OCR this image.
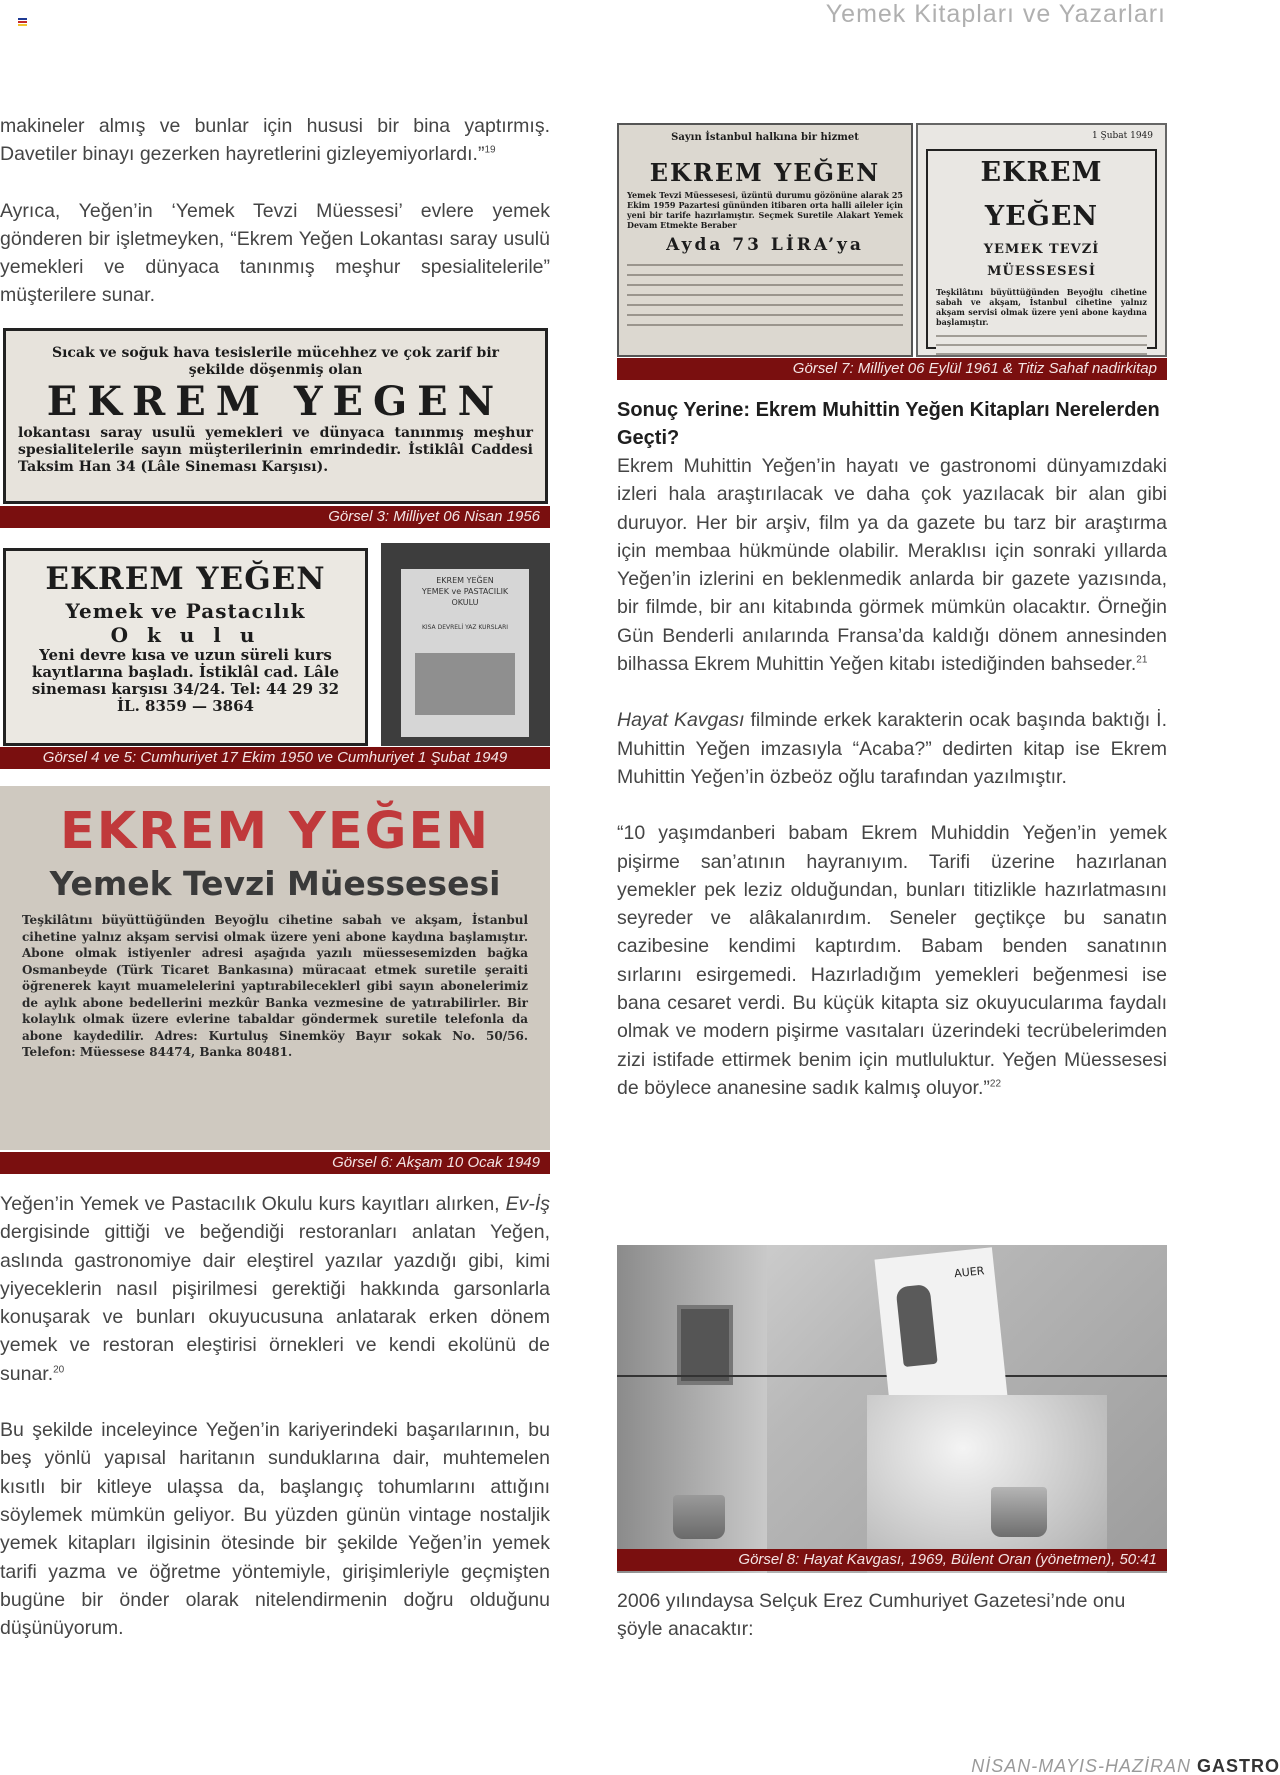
Yemek Kitapları ve Yazarları

makineler almış ve bunlar için hususi bir bina yaptırmış. Davetiler binayı gezerken hayretlerini gizleyemiyorlardı.”$^{19}$

Ayrıca, Yeğen’in ‘Yemek Tevzi Müessesi’ evlere yemek gönderen bir işletmeyken, “Ekrem Yeğen Lokantası saray usulü yemekleri ve dünyaca tanınmış meşhur spesialitelerile” müşterilere sunar.

Sıcak ve soğuk hava tesislerile mücehhez ve çok zarif bir
şekilde döşenmiş olan
EKREM YEGEN
lokantası saray usulü yemekleri ve dünyaca tanınmış meşhur spesialitelerile sayın müşterilerinin emrindedir. İstiklâl Caddesi Taksim Han 34 (Lâle Sineması Karşısı).
Görsel 3: Milliyet 06 Nisan 1956
EKREM YEĞEN
Yemek ve Pastacılık
O k u l u
Yeni devre kısa ve uzun süreli kurs kayıtlarına başladı. İstiklâl cad. Lâle sineması karşısı 34/24. Tel: 44 29 32
İL. 8359 — 3864
EKREM YEĞEN
YEMEK ve PASTACILIK
OKULU
KISA DEVRELİ YAZ KURSLARI
Görsel 4 ve 5: Cumhuriyet 17 Ekim 1950 ve Cumhuriyet 1 Şubat 1949
EKREM YEĞEN
Yemek Tevzi Müessesesi
Teşkilâtını büyüttüğünden Beyoğlu cihetine sabah ve akşam, İstanbul cihetine yalnız akşam servisi olmak üzere yeni abone kaydına başlamıştır. Abone olmak istiyenler adresi aşağıda yazılı müessesemizden bağka Osmanbeyde (Türk Ticaret Bankasına) müracaat etmek suretile şeraiti öğrenerek kayıt muamelelerini yaptırabileceklerl gibi sayın abonelerimiz de aylık abone bedellerini mezkûr Banka vezmesine de yatırabilirler. Bir kolaylık olmak üzere evlerine tabaldar göndermek suretile telefonla da abone kaydedilir. Adres: Kurtuluş Sinemköy Bayır sokak No. 50/56. Telefon: Müessese 84474, Banka 80481.
Görsel 6: Akşam 10 Ocak 1949

Yeğen’in Yemek ve Pastacılık Okulu kurs kayıtları alırken, Ev-İş dergisinde gittiği ve beğendiği restoranları anlatan Yeğen, aslında gastronomiye dair eleştirel yazılar yazdığı gibi, kimi yiyeceklerin nasıl pişirilmesi gerektiği hakkında garsonlarla konuşarak ve bunları okuyucusuna anlatarak erken dönem yemek ve restoran eleştirisi örnekleri ve kendi ekolünü de sunar.$^{20}$

Bu şekilde inceleyince Yeğen’in kariyerindeki başarılarının, bu beş yönlü yapısal haritanın sunduklarına dair, muhtemelen kısıtlı bir kitleye ulaşsa da, başlangıç tohumlarını attığını söylemek mümkün geliyor. Bu yüzden günün vintage nostaljik yemek kitapları ilgisinin ötesinde bir şekilde Yeğen’in yemek tarifi yazma ve öğretme yöntemiyle, girişimleriyle geçmişten bugüne bir önder olarak nitelendirmenin doğru olduğunu düşünüyorum.

Sayın İstanbul halkına bir hizmet
EKREM YEĞEN
Yemek Tevzi Müessesesi, üzüntü durumu gözönüne alarak 25 Ekim 1959 Pazartesi gününden itibaren orta halli aileler için yeni bir tarife hazırlamıştır. Seçmek Suretile Alakart Yemek Devam Etmekte Beraber
Ayda 73 LİRA’ya
1 Şubat 1949
EKREM YEĞEN
YEMEK TEVZİ MÜESSESESİ
Teşkilâtını büyüttüğünden Beyoğlu cihetine sabah ve akşam, İstanbul cihetine yalnız akşam servisi olmak üzere yeni abone kaydına başlamıştır.
Görsel 7: Milliyet 06 Eylül 1961 & Titiz Sahaf nadirkitap
Sonuç Yerine: Ekrem Muhittin Yeğen Kitapları Nerelerden Geçti?

Ekrem Muhittin Yeğen’in hayatı ve gastronomi dünyamızdaki izleri hala araştırılacak ve daha çok yazılacak bir alan gibi duruyor. Her bir arşiv, film ya da gazete bu tarz bir araştırma için membaa hükmünde olabilir. Meraklısı için sonraki yıllarda Yeğen’in izlerini en beklenmedik anlarda bir gazete yazısında, bir filmde, bir anı kitabında görmek mümkün olacaktır. Örneğin Gün Benderli anılarında Fransa’da kaldığı dönem annesinden bilhassa Ekrem Muhittin Yeğen kitabı istediğinden bahseder.$^{21}$

Hayat Kavgası filminde erkek karakterin ocak başında baktığı İ. Muhittin Yeğen imzasıyla “Acaba?” dedirten kitap ise Ekrem Muhittin Yeğen’in özbeöz oğlu tarafından yazılmıştır.

“10 yaşımdanberi babam Ekrem Muhiddin Yeğen’in yemek pişirme san’atının hayranıyım. Tarifi üzerine hazırlanan yemekler pek leziz olduğundan, bunları titizlikle hazırlatmasını seyreder ve alâkalanırdım. Seneler geçtikçe bu sanatın cazibesine kendimi kaptırdım. Babam benden sanatının sırlarını esirgemedi. Hazırladığım yemekleri beğenmesi ise bana cesaret verdi. Bu küçük kitapta siz okuyucularıma faydalı olmak ve modern pişirme vasıtaları üzerindeki tecrübelerimden zizi istifade ettirmek benim için mutluluktur. Yeğen Müessesesi de böylece ananesine sadık kalmış oluyor.”$^{22}$

AUER
Görsel 8: Hayat Kavgası, 1969, Bülent Oran (yönetmen), 50:41

2006 yılındaysa Selçuk Erez Cumhuriyet Gazetesi’nde onu şöyle anacaktır:

NİSAN-MAYIS-HAZİRAN GASTRO
